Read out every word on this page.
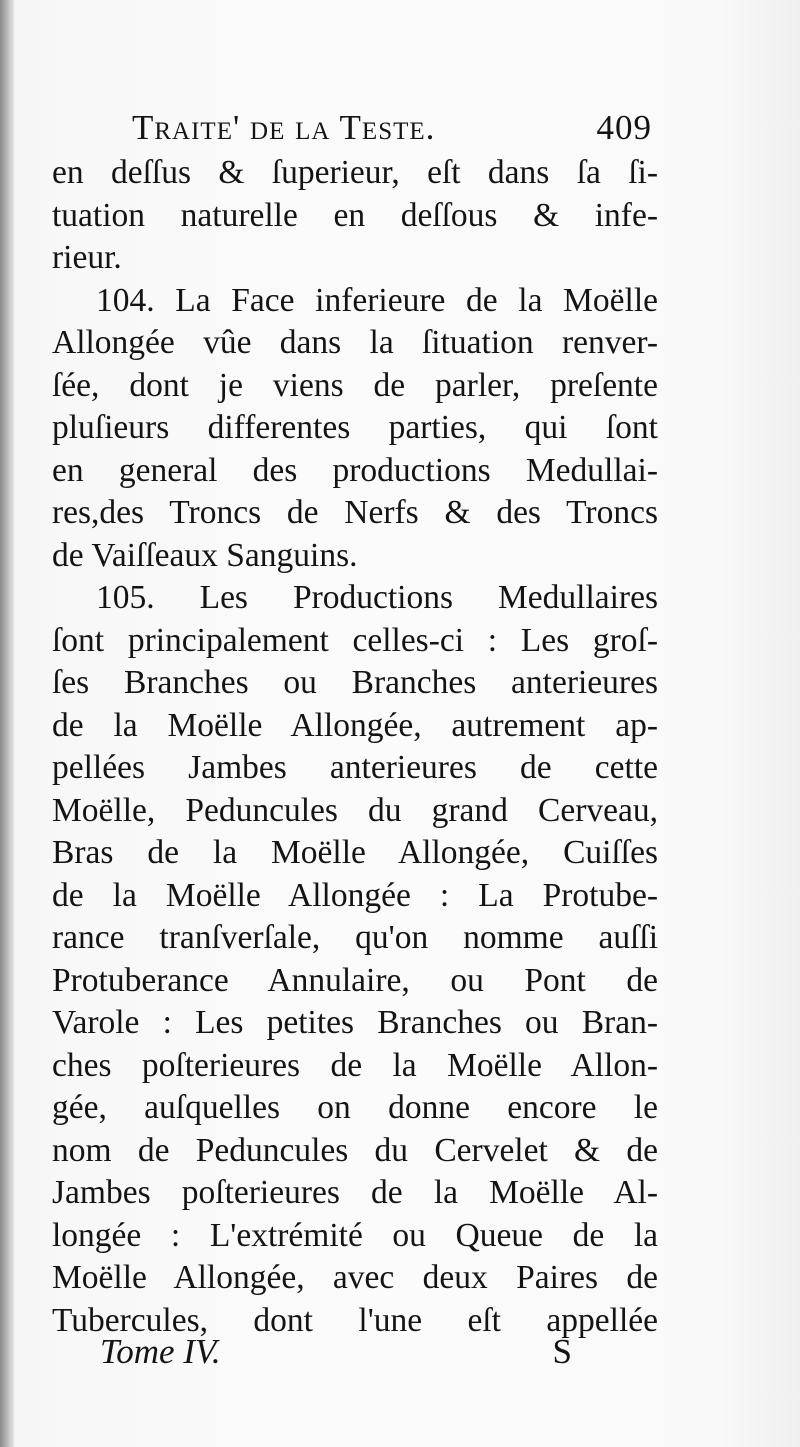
Traite' de la Teste.	409
en deſſus & ſuperieur, eſt dans ſa ſi-
tuation naturelle en deſſous & infe-
rieur.
104. La Face inferieure de la Moëlle
Allongée vûe dans la ſituation renver-
ſée, dont je viens de parler, preſente
pluſieurs differentes parties, qui ſont
en general des productions Medullai-
res,des Troncs de Nerfs & des Troncs
de Vaiſſeaux Sanguins.
105. Les Productions Medullaires
ſont principalement celles-ci : Les groſ-
ſes Branches ou Branches anterieures
de la Moëlle Allongée, autrement ap-
pellées Jambes anterieures de cette
Moëlle, Peduncules du grand Cerveau,
Bras de la Moëlle Allongée, Cuiſſes
de la Moëlle Allongée : La Protube-
rance tranſverſale, qu'on nomme auſſi
Protuberance Annulaire, ou Pont de
Varole : Les petites Branches ou Bran-
ches poſterieures de la Moëlle Allon-
gée, auſquelles on donne encore le
nom de Peduncules du Cervelet & de
Jambes poſterieures de la Moëlle Al-
longée : L'extrémité ou Queue de la
Moëlle Allongée, avec deux Paires de
Tubercules, dont l'une eſt appellée
Tome IV.	S
